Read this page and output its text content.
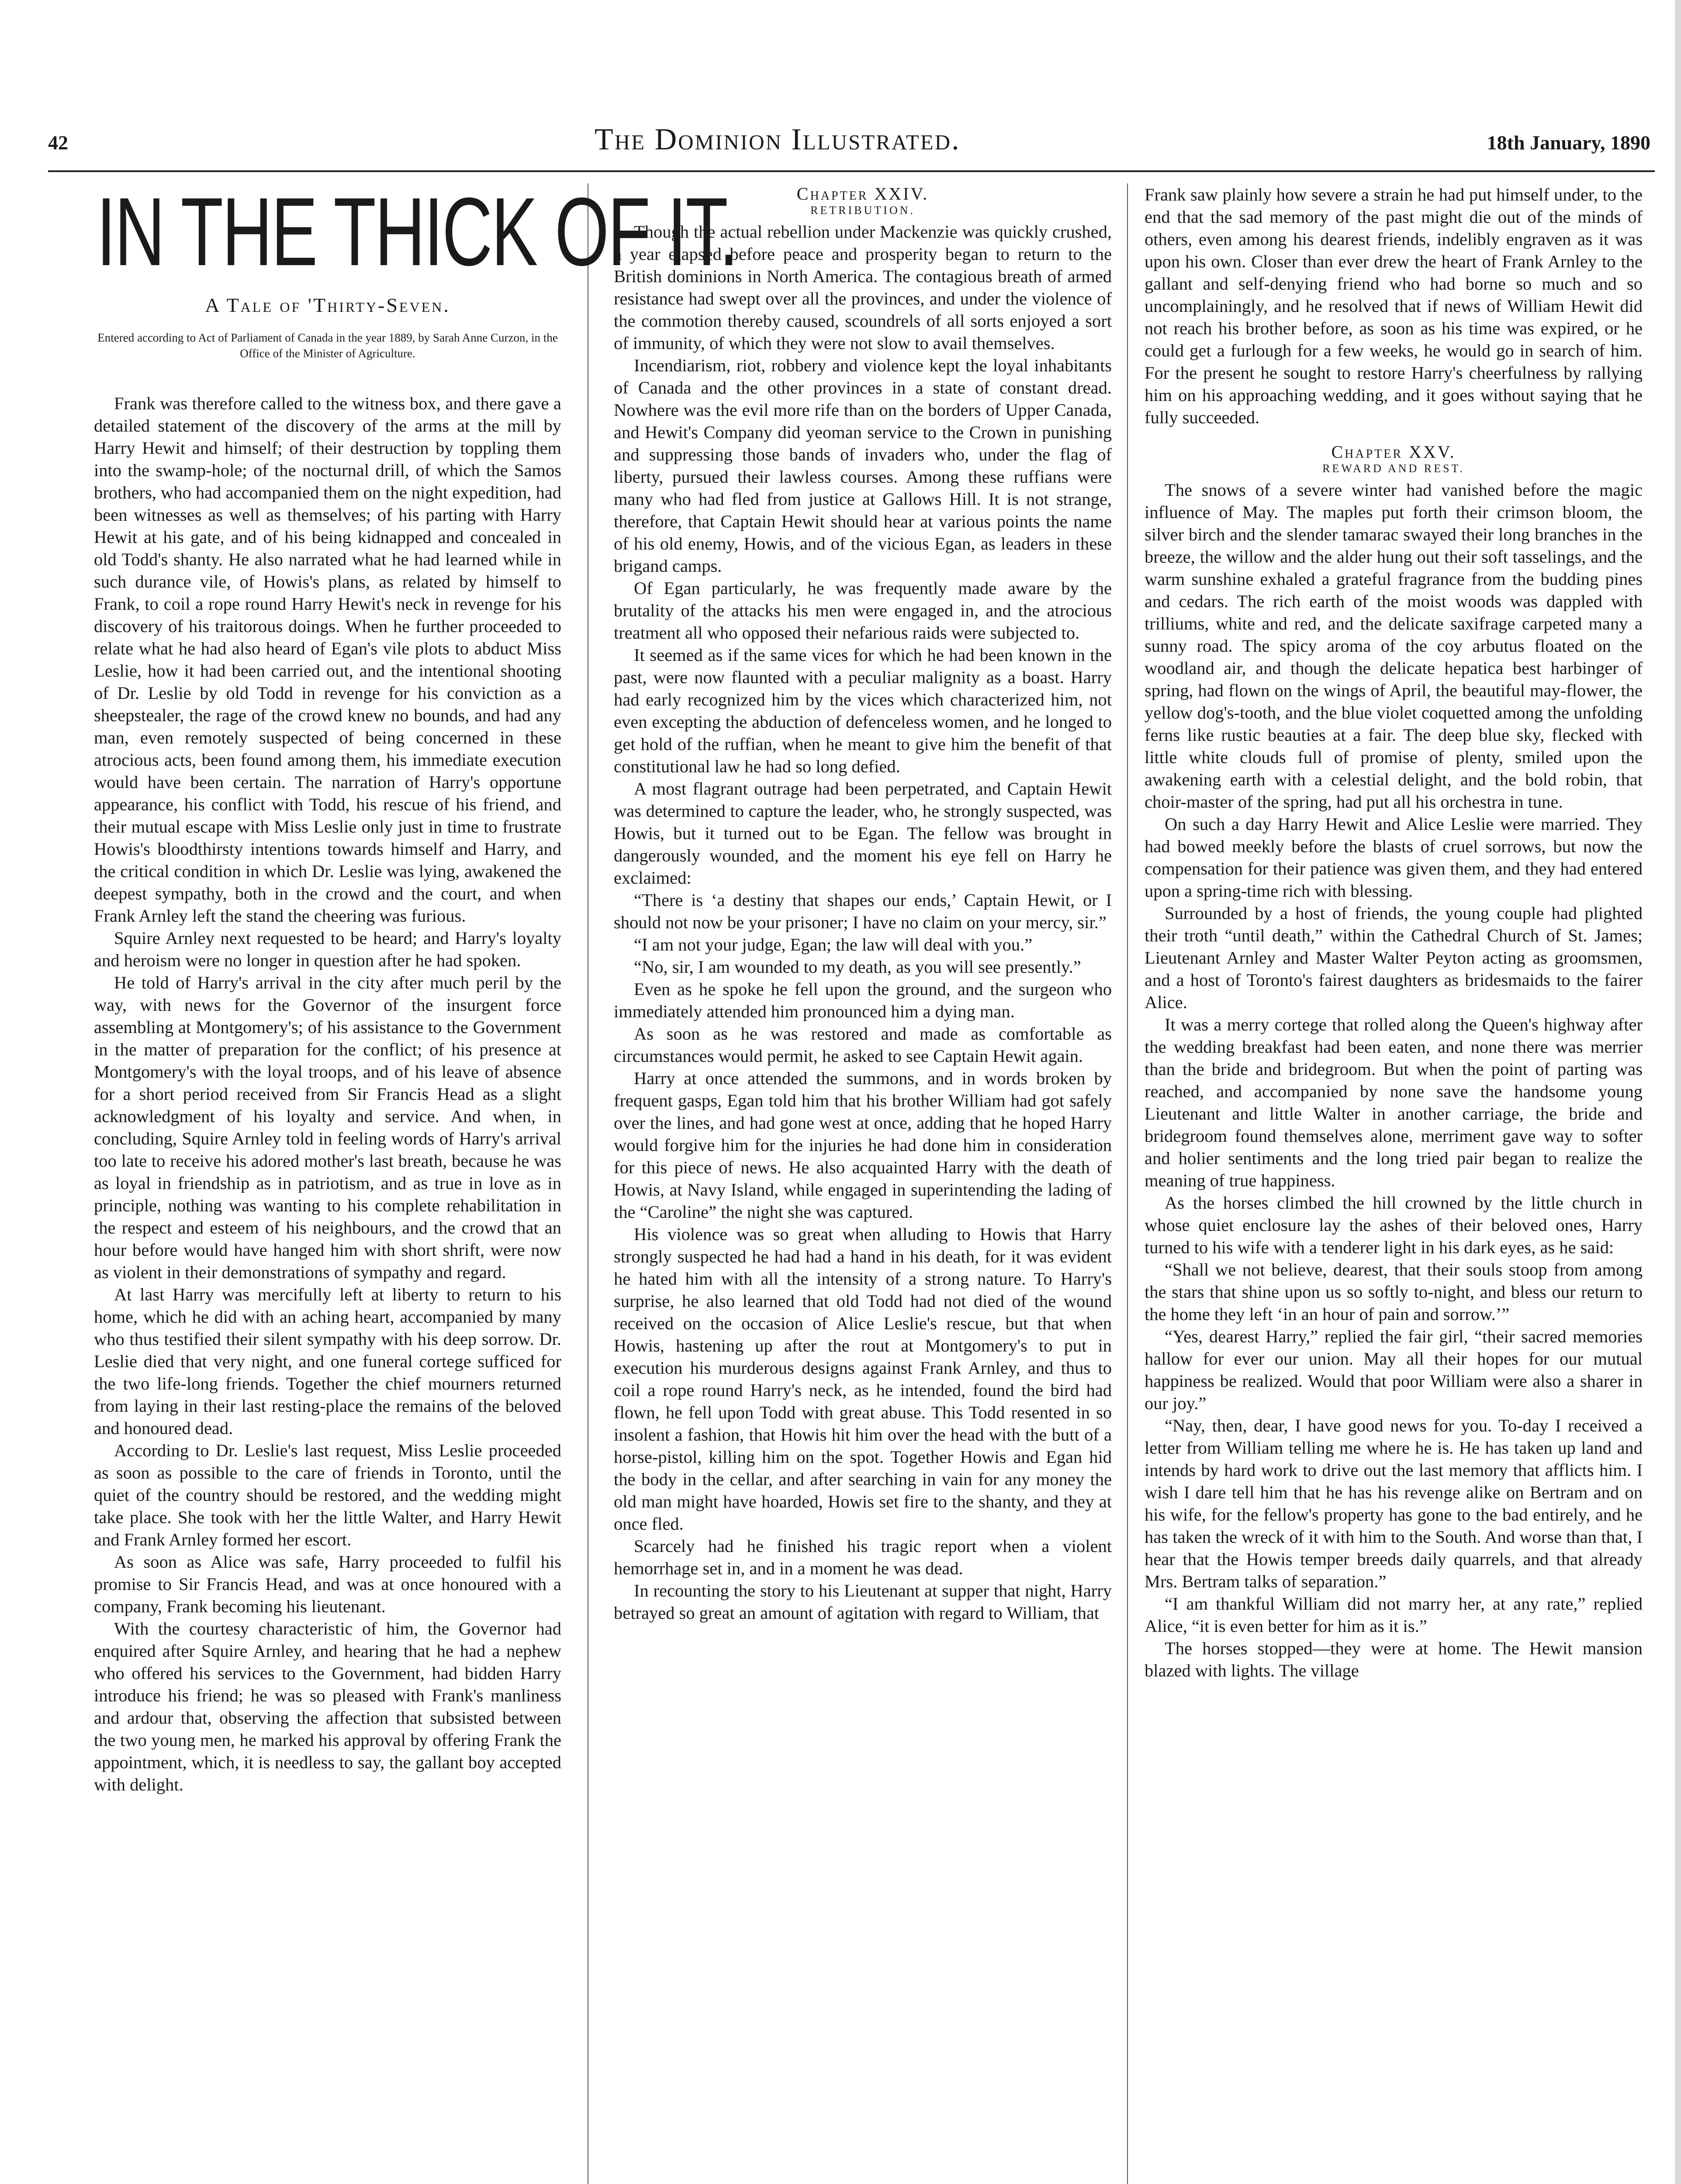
42	The Dominion Illustrated.	18th January, 1890
IN THE THICK OF IT.
A Tale of 'Thirty-Seven.
Entered according to Act of Parliament of Canada in the year 1889, by Sarah Anne Curzon, in the Office of the Minister of Agriculture.

Frank was therefore called to the witness box, and there gave a detailed statement of the discovery of the arms at the mill by Harry Hewit and himself; of their destruction by toppling them into the swamp-hole; of the nocturnal drill, of which the Samos brothers, who had accompanied them on the night expedition, had been witnesses as well as themselves; of his parting with Harry Hewit at his gate, and of his being kidnapped and concealed in old Todd's shanty. He also narrated what he had learned while in such durance vile, of Howis's plans, as related by himself to Frank, to coil a rope round Harry Hewit's neck in revenge for his discovery of his traitorous doings. When he further proceeded to relate what he had also heard of Egan's vile plots to abduct Miss Leslie, how it had been carried out, and the intentional shooting of Dr. Leslie by old Todd in revenge for his conviction as a sheepstealer, the rage of the crowd knew no bounds, and had any man, even remotely suspected of being concerned in these atrocious acts, been found among them, his immediate execution would have been certain. The narration of Harry's opportune appearance, his conflict with Todd, his rescue of his friend, and their mutual escape with Miss Leslie only just in time to frustrate Howis's bloodthirsty intentions towards himself and Harry, and the critical condition in which Dr. Leslie was lying, awakened the deepest sympathy, both in the crowd and the court, and when Frank Arnley left the stand the cheering was furious.

Squire Arnley next requested to be heard; and Harry's loyalty and heroism were no longer in question after he had spoken.

He told of Harry's arrival in the city after much peril by the way, with news for the Governor of the insurgent force assembling at Montgomery's; of his assistance to the Government in the matter of preparation for the conflict; of his presence at Montgomery's with the loyal troops, and of his leave of absence for a short period received from Sir Francis Head as a slight acknowledgment of his loyalty and service. And when, in concluding, Squire Arnley told in feeling words of Harry's arrival too late to receive his adored mother's last breath, because he was as loyal in friendship as in patriotism, and as true in love as in principle, nothing was wanting to his complete rehabilitation in the respect and esteem of his neighbours, and the crowd that an hour before would have hanged him with short shrift, were now as violent in their demonstrations of sympathy and regard.

At last Harry was mercifully left at liberty to return to his home, which he did with an aching heart, accompanied by many who thus testified their silent sympathy with his deep sorrow. Dr. Leslie died that very night, and one funeral cortege sufficed for the two life-long friends. Together the chief mourners returned from laying in their last resting-place the remains of the beloved and honoured dead.

According to Dr. Leslie's last request, Miss Leslie proceeded as soon as possible to the care of friends in Toronto, until the quiet of the country should be restored, and the wedding might take place. She took with her the little Walter, and Harry Hewit and Frank Arnley formed her escort.

As soon as Alice was safe, Harry proceeded to fulfil his promise to Sir Francis Head, and was at once honoured with a company, Frank becoming his lieutenant.

With the courtesy characteristic of him, the Governor had enquired after Squire Arnley, and hearing that he had a nephew who offered his services to the Government, had bidden Harry introduce his friend; he was so pleased with Frank's manliness and ardour that, observing the affection that subsisted between the two young men, he marked his approval by offering Frank the appointment, which, it is needless to say, the gallant boy accepted with delight.

Chapter XXIV.
RETRIBUTION.

Though the actual rebellion under Mackenzie was quickly crushed, a year elapsed before peace and prosperity began to return to the British dominions in North America. The contagious breath of armed resistance had swept over all the provinces, and under the violence of the commotion thereby caused, scoundrels of all sorts enjoyed a sort of immunity, of which they were not slow to avail themselves.

Incendiarism, riot, robbery and violence kept the loyal inhabitants of Canada and the other provinces in a state of constant dread. Nowhere was the evil more rife than on the borders of Upper Canada, and Hewit's Company did yeoman service to the Crown in punishing and suppressing those bands of invaders who, under the flag of liberty, pursued their lawless courses. Among these ruffians were many who had fled from justice at Gallows Hill. It is not strange, therefore, that Captain Hewit should hear at various points the name of his old enemy, Howis, and of the vicious Egan, as leaders in these brigand camps.

Of Egan particularly, he was frequently made aware by the brutality of the attacks his men were engaged in, and the atrocious treatment all who opposed their nefarious raids were subjected to.

It seemed as if the same vices for which he had been known in the past, were now flaunted with a peculiar malignity as a boast. Harry had early recognized him by the vices which characterized him, not even excepting the abduction of defenceless women, and he longed to get hold of the ruffian, when he meant to give him the benefit of that constitutional law he had so long defied.

A most flagrant outrage had been perpetrated, and Captain Hewit was determined to capture the leader, who, he strongly suspected, was Howis, but it turned out to be Egan. The fellow was brought in dangerously wounded, and the moment his eye fell on Harry he exclaimed:

“There is ‘a destiny that shapes our ends,’ Captain Hewit, or I should not now be your prisoner; I have no claim on your mercy, sir.”

“I am not your judge, Egan; the law will deal with you.”

“No, sir, I am wounded to my death, as you will see presently.”

Even as he spoke he fell upon the ground, and the surgeon who immediately attended him pronounced him a dying man.

As soon as he was restored and made as comfortable as circumstances would permit, he asked to see Captain Hewit again.

Harry at once attended the summons, and in words broken by frequent gasps, Egan told him that his brother William had got safely over the lines, and had gone west at once, adding that he hoped Harry would forgive him for the injuries he had done him in consideration for this piece of news. He also acquainted Harry with the death of Howis, at Navy Island, while engaged in superintending the lading of the “Caroline” the night she was captured.

His violence was so great when alluding to Howis that Harry strongly suspected he had had a hand in his death, for it was evident he hated him with all the intensity of a strong nature. To Harry's surprise, he also learned that old Todd had not died of the wound received on the occasion of Alice Leslie's rescue, but that when Howis, hastening up after the rout at Montgomery's to put in execution his murderous designs against Frank Arnley, and thus to coil a rope round Harry's neck, as he intended, found the bird had flown, he fell upon Todd with great abuse. This Todd resented in so insolent a fashion, that Howis hit him over the head with the butt of a horse-pistol, killing him on the spot. Together Howis and Egan hid the body in the cellar, and after searching in vain for any money the old man might have hoarded, Howis set fire to the shanty, and they at once fled.

Scarcely had he finished his tragic report when a violent hemorrhage set in, and in a moment he was dead.

In recounting the story to his Lieutenant at supper that night, Harry betrayed so great an amount of agitation with regard to William, that

Frank saw plainly how severe a strain he had put himself under, to the end that the sad memory of the past might die out of the minds of others, even among his dearest friends, indelibly engraven as it was upon his own. Closer than ever drew the heart of Frank Arnley to the gallant and self-denying friend who had borne so much and so uncomplainingly, and he resolved that if news of William Hewit did not reach his brother before, as soon as his time was expired, or he could get a furlough for a few weeks, he would go in search of him. For the present he sought to restore Harry's cheerfulness by rallying him on his approaching wedding, and it goes without saying that he fully succeeded.

Chapter XXV.
REWARD AND REST.

The snows of a severe winter had vanished before the magic influence of May. The maples put forth their crimson bloom, the silver birch and the slender tamarac swayed their long branches in the breeze, the willow and the alder hung out their soft tasselings, and the warm sunshine exhaled a grateful fragrance from the budding pines and cedars. The rich earth of the moist woods was dappled with trilliums, white and red, and the delicate saxifrage carpeted many a sunny road. The spicy aroma of the coy arbutus floated on the woodland air, and though the delicate hepatica best harbinger of spring, had flown on the wings of April, the beautiful may-flower, the yellow dog's-tooth, and the blue violet coquetted among the unfolding ferns like rustic beauties at a fair. The deep blue sky, flecked with little white clouds full of promise of plenty, smiled upon the awakening earth with a celestial delight, and the bold robin, that choir-master of the spring, had put all his orchestra in tune.

On such a day Harry Hewit and Alice Leslie were married. They had bowed meekly before the blasts of cruel sorrows, but now the compensation for their patience was given them, and they had entered upon a spring-time rich with blessing.

Surrounded by a host of friends, the young couple had plighted their troth “until death,” within the Cathedral Church of St. James; Lieutenant Arnley and Master Walter Peyton acting as groomsmen, and a host of Toronto's fairest daughters as bridesmaids to the fairer Alice.

It was a merry cortege that rolled along the Queen's highway after the wedding breakfast had been eaten, and none there was merrier than the bride and bridegroom. But when the point of parting was reached, and accompanied by none save the handsome young Lieutenant and little Walter in another carriage, the bride and bridegroom found themselves alone, merriment gave way to softer and holier sentiments and the long tried pair began to realize the meaning of true happiness.

As the horses climbed the hill crowned by the little church in whose quiet enclosure lay the ashes of their beloved ones, Harry turned to his wife with a tenderer light in his dark eyes, as he said:

“Shall we not believe, dearest, that their souls stoop from among the stars that shine upon us so softly to-night, and bless our return to the home they left ‘in an hour of pain and sorrow.’”

“Yes, dearest Harry,” replied the fair girl, “their sacred memories hallow for ever our union. May all their hopes for our mutual happiness be realized. Would that poor William were also a sharer in our joy.”

“Nay, then, dear, I have good news for you. To-day I received a letter from William telling me where he is. He has taken up land and intends by hard work to drive out the last memory that afflicts him. I wish I dare tell him that he has his revenge alike on Bertram and on his wife, for the fellow's property has gone to the bad entirely, and he has taken the wreck of it with him to the South. And worse than that, I hear that the Howis temper breeds daily quarrels, and that already Mrs. Bertram talks of separation.”

“I am thankful William did not marry her, at any rate,” replied Alice, “it is even better for him as it is.”

The horses stopped—they were at home. The Hewit mansion blazed with lights. The village
